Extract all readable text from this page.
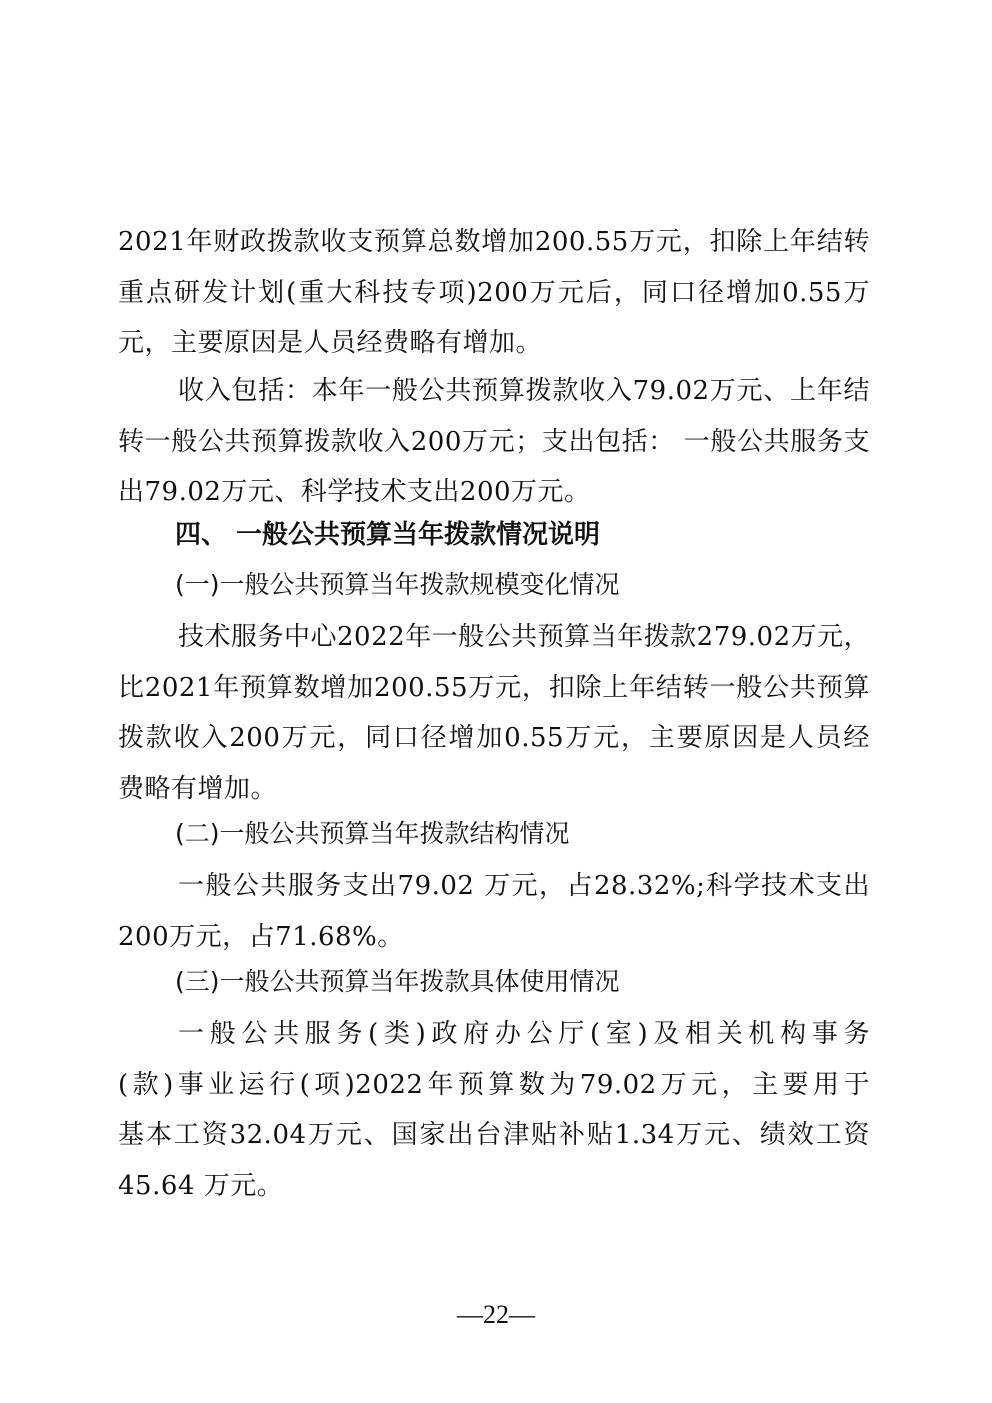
2021年财政拨款收支预算总数增加200.55万元，扣除上年结转
重点研发计划(重大科技专项)200万元后，同口径增加0.55万
元，主要原因是人员经费略有增加。
收入包括：本年一般公共预算拨款收入79.02万元、上年结
转一般公共预算拨款收入200万元；支出包括： 一般公共服务支
出79.02万元、科学技术支出200万元。
四、 一般公共预算当年拨款情况说明
(一)一般公共预算当年拨款规模变化情况
技术服务中心2022年一般公共预算当年拨款279.02万元，
比2021年预算数增加200.55万元，扣除上年结转一般公共预算
拨款收入200万元，同口径增加0.55万元，主要原因是人员经
费略有增加。
(二)一般公共预算当年拨款结构情况
一般公共服务支出79.02 万元，占28.32%;科学技术支出
200万元，占71.68%。
(三)一般公共预算当年拨款具体使用情况
一般公共服务(类)政府办公厅(室)及相关机构事务
(款)事业运行(项)2022年预算数为79.02万元，主要用于
基本工资32.04万元、国家出台津贴补贴1.34万元、绩效工资
45.64 万元。
—22—
